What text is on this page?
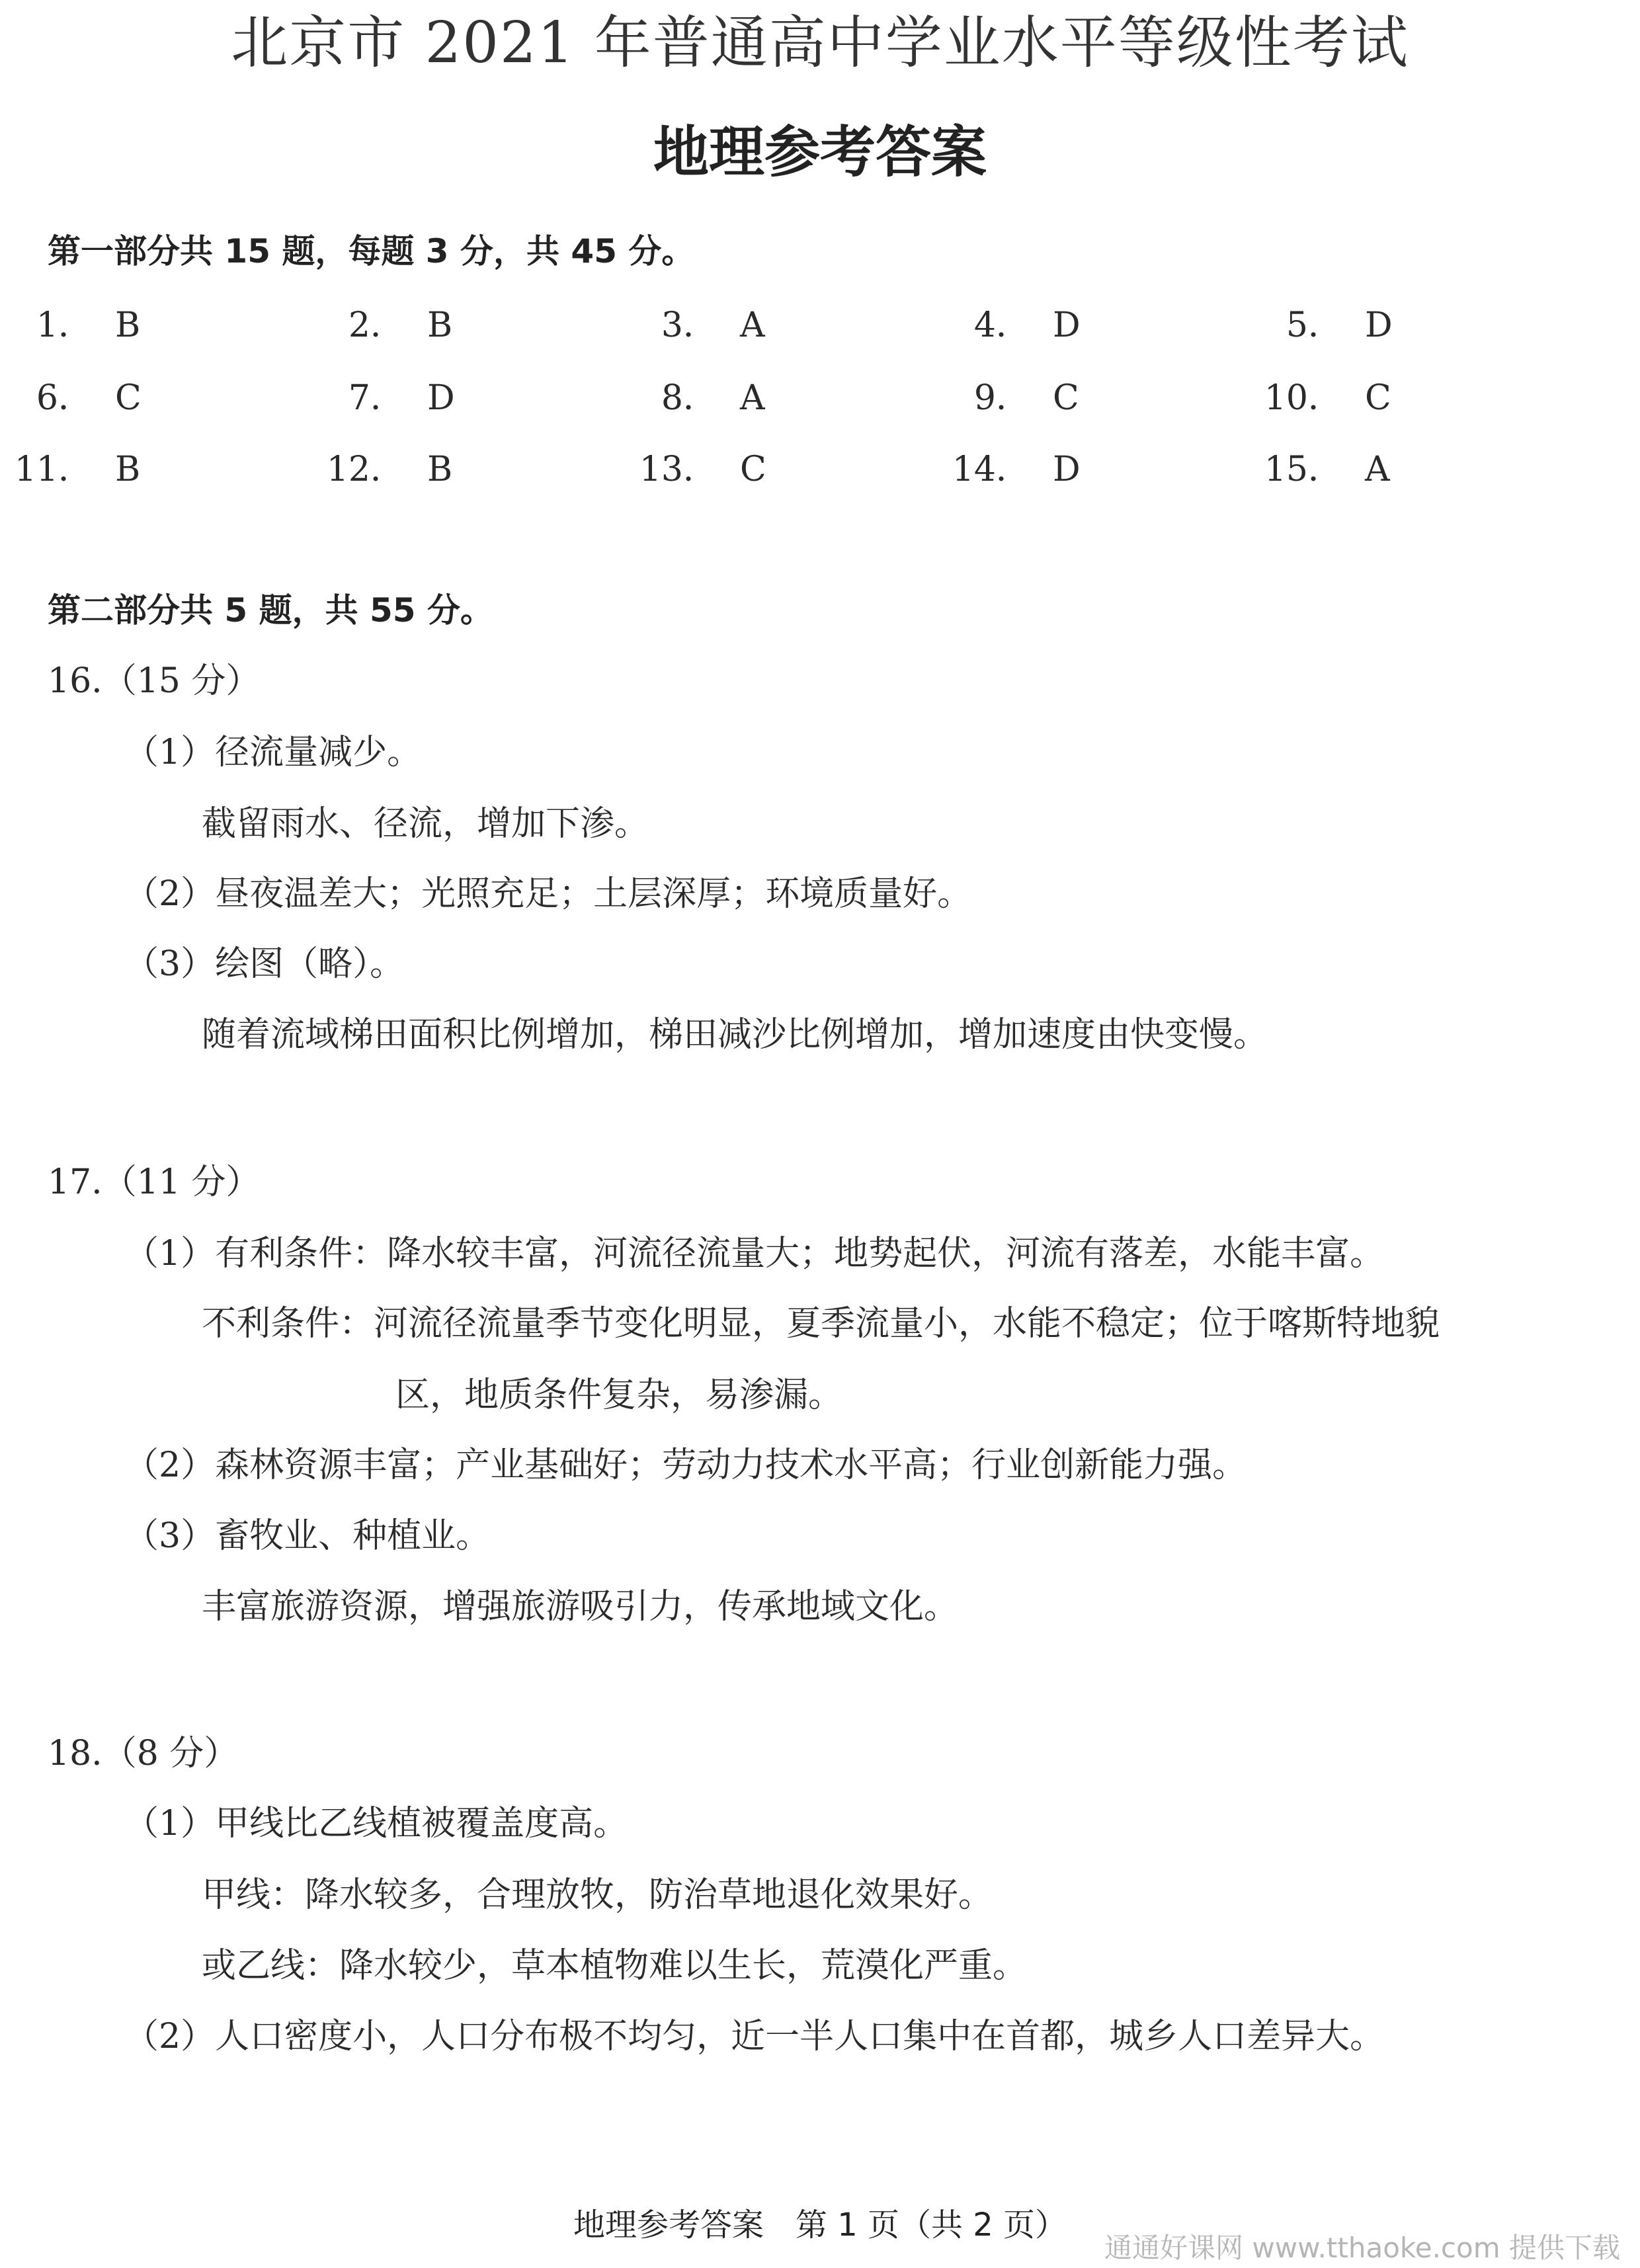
北京市 2021 年普通高中学业水平等级性考试
地理参考答案
第一部分共 15 题，每题 3 分，共 45 分。
1． B	2． B	3． A	4． D	5． D
6． C	7． D	8． A	9． C	10． C
11． B	12． B	13． C	14． D	15． A
第二部分共 5 题，共 55 分。
16.（15 分）
（1）径流量减少。
截留雨水、径流，增加下渗。
（2）昼夜温差大；光照充足；土层深厚；环境质量好。
（3）绘图（略）。
随着流域梯田面积比例增加，梯田减沙比例增加，增加速度由快变慢。
17.（11 分）
（1）有利条件：降水较丰富，河流径流量大；地势起伏，河流有落差，水能丰富。
不利条件：河流径流量季节变化明显，夏季流量小，水能不稳定；位于喀斯特地貌
区，地质条件复杂，易渗漏。
（2）森林资源丰富；产业基础好；劳动力技术水平高；行业创新能力强。
（3）畜牧业、种植业。
丰富旅游资源，增强旅游吸引力，传承地域文化。
18.（8 分）
（1）甲线比乙线植被覆盖度高。
甲线：降水较多，合理放牧，防治草地退化效果好。
或乙线：降水较少，草本植物难以生长，荒漠化严重。
（2）人口密度小，人口分布极不均匀，近一半人口集中在首都，城乡人口差异大。
地理参考答案　第 1 页（共 2 页）
通通好课网 www.tthaoke.com 提供下载
